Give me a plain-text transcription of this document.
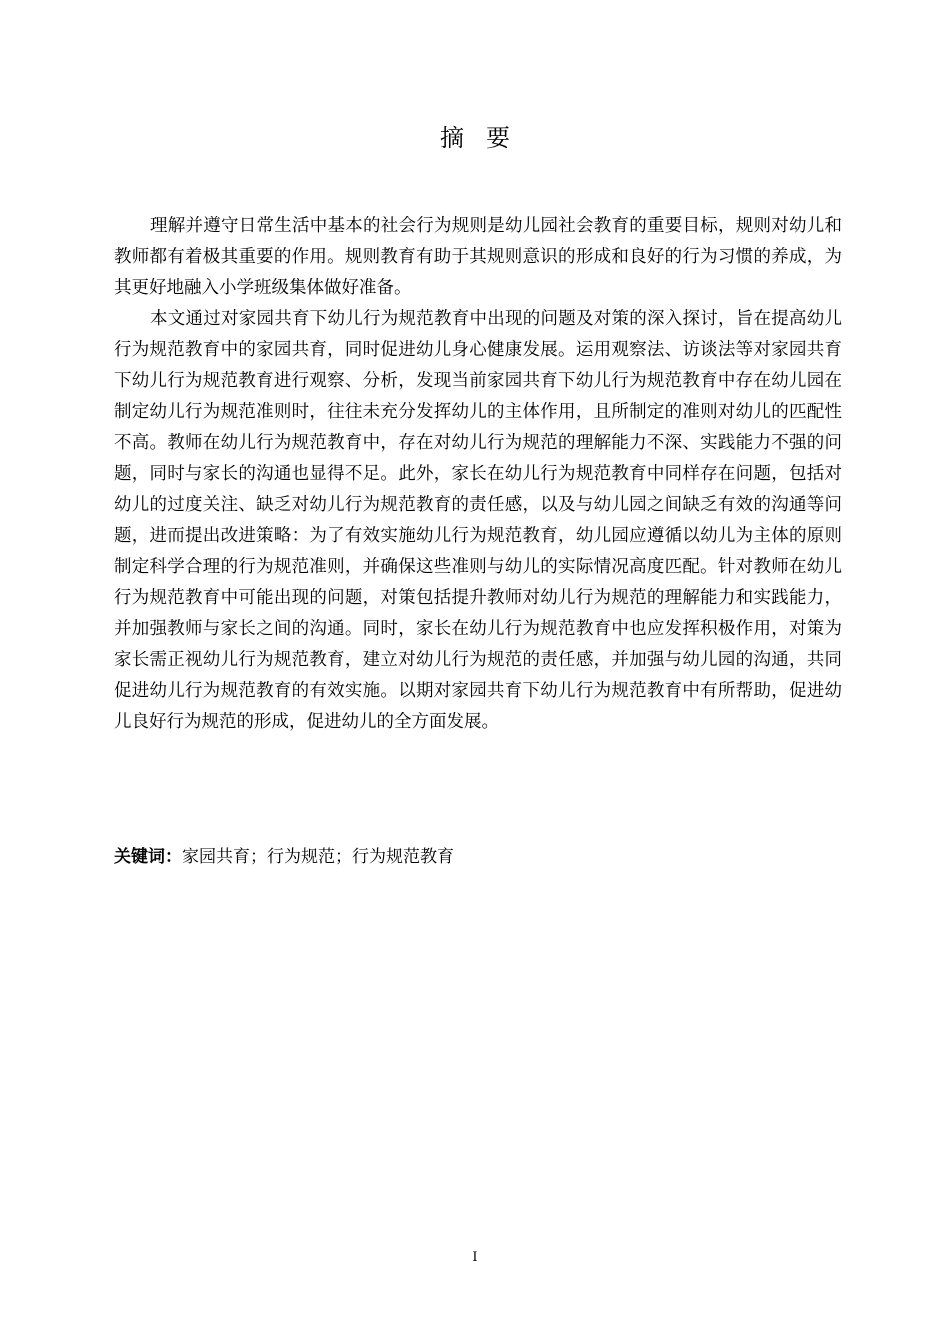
摘要

理解并遵守日常生活中基本的社会行为规则是幼儿园社会教育的重要目标，规则对幼儿和教师都有着极其重要的作用。规则教育有助于其规则意识的形成和良好的行为习惯的养成，为其更好地融入小学班级集体做好准备。

本文通过对家园共育下幼儿行为规范教育中出现的问题及对策的深入探讨，旨在提高幼儿行为规范教育中的家园共育，同时促进幼儿身心健康发展。运用观察法、访谈法等对家园共育下幼儿行为规范教育进行观察、分析，发现当前家园共育下幼儿行为规范教育中存在幼儿园在制定幼儿行为规范准则时，往往未充分发挥幼儿的主体作用，且所制定的准则对幼儿的匹配性不高。教师在幼儿行为规范教育中，存在对幼儿行为规范的理解能力不深、实践能力不强的问题，同时与家长的沟通也显得不足。此外，家长在幼儿行为规范教育中同样存在问题，包括对幼儿的过度关注、缺乏对幼儿行为规范教育的责任感，以及与幼儿园之间缺乏有效的沟通等问题，进而提出改进策略：为了有效实施幼儿行为规范教育，幼儿园应遵循以幼儿为主体的原则制定科学合理的行为规范准则，并确保这些准则与幼儿的实际情况高度匹配。针对教师在幼儿行为规范教育中可能出现的问题，对策包括提升教师对幼儿行为规范的理解能力和实践能力，并加强教师与家长之间的沟通。同时，家长在幼儿行为规范教育中也应发挥积极作用，对策为家长需正视幼儿行为规范教育，建立对幼儿行为规范的责任感，并加强与幼儿园的沟通，共同促进幼儿行为规范教育的有效实施。以期对家园共育下幼儿行为规范教育中有所帮助，促进幼儿良好行为规范的形成，促进幼儿的全方面发展。

关键词：家园共育；行为规范；行为规范教育
I
